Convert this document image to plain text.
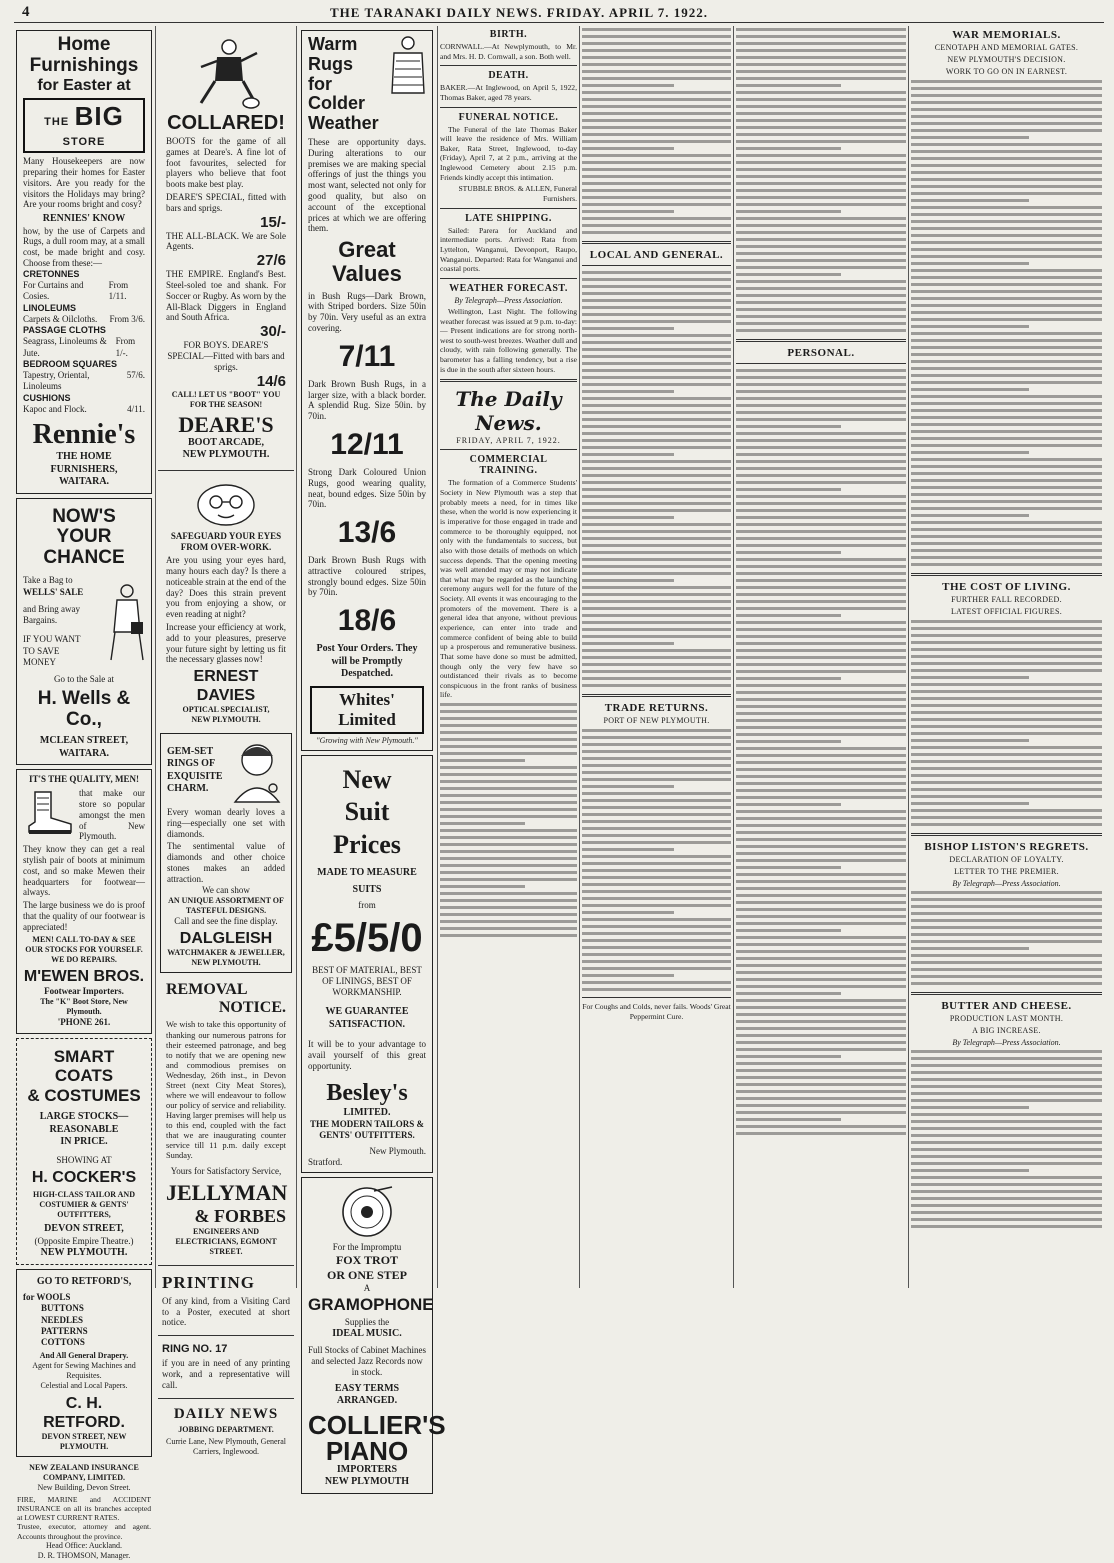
4	THE TARANAKI DAILY NEWS. FRIDAY. APRIL 7. 1922.
Home Furnishings
for Easter at
THE BIG STORE
Many Housekeepers are now preparing their homes for Easter visitors. Are you ready for the visitors the Holidays may bring? Are your rooms bright and cosy?
RENNIES' KNOW
how, by the use of Carpets and Rugs, a dull room may, at a small cost, be made bright and cosy. Choose from these:—
CRETONNES
For Curtains and Cosies.
From 1/11.
LINOLEUMS
Carpets & Oilcloths. From 3/6.
PASSAGE CLOTHS
Seagrass, Linoleums & Jute.
From 1/-.
BEDROOM SQUARES
Tapestry, Oriental, Linoleums
57/6.
CUSHIONS
Kapoc and Flock.	4/11.
Rennie's
THE HOME FURNISHERS,
WAITARA.
NOW'S YOUR
CHANCE
Take a Bag to
WELLS' SALE
and Bring away
Bargains.
IF YOU WANT
TO SAVE
MONEY
Go to the Sale at
H. Wells & Co.,
MCLEAN STREET,
WAITARA.
IT'S THE QUALITY, MEN!
that make our store so popular amongst the men of New Plymouth.
They know they can get a real stylish pair of boots at minimum cost, and so make Mewen their headquarters for footwear—always.
The large business we do is proof that the quality of our footwear is appreciated!
MEN! CALL TO-DAY & SEE OUR STOCKS FOR YOURSELF.
WE DO REPAIRS.
M'EWEN BROS.
Footwear Importers.
The "K" Boot Store, New Plymouth.
'PHONE 261.
SMART COATS
& COSTUMES
LARGE STOCKS—
REASONABLE
IN PRICE.
SHOWING AT
H. COCKER'S
HIGH-CLASS TAILOR AND COSTUMIER & GENTS' OUTFITTERS,
DEVON STREET,
(Opposite Empire Theatre.)
NEW PLYMOUTH.
GO TO RETFORD'S,
for WOOLS
BUTTONS
NEEDLES
PATTERNS
COTTONS
And All General Drapery.
Agent for Sewing Machines and Requisites.
Celestial and Local Papers.
C. H. RETFORD.
DEVON STREET, NEW PLYMOUTH.
NEW ZEALAND INSURANCE COMPANY, LIMITED.
New Building, Devon Street.
FIRE, MARINE and ACCIDENT INSURANCE on all its branches accepted at LOWEST CURRENT RATES.
Trustee, executor, attorney and agent. Accounts throughout the province.
Head Office: Auckland.
D. R. THOMSON, Manager.
COLLARED!
BOOTS for the game of all games at Deare's. A fine lot of foot favourites, selected for players who believe that foot boots make best play.
DEARE'S SPECIAL, fitted with bars and sprigs.
15/-
THE ALL-BLACK. We are Sole Agents.
27/6
THE EMPIRE. England's Best. Steel-soled toe and shank. For Soccer or Rugby. As worn by the All-Black Diggers in England and South Africa.
30/-
FOR BOYS. DEARE'S SPECIAL—Fitted with bars and sprigs.
14/6
CALL! LET US "BOOT" YOU FOR THE SEASON!
DEARE'S
BOOT ARCADE,
NEW PLYMOUTH.
SAFEGUARD YOUR EYES FROM OVER-WORK.
Are you using your eyes hard, many hours each day? Is there a noticeable strain at the end of the day? Does this strain prevent you from enjoying a show, or even reading at night?
Increase your efficiency at work, add to your pleasures, preserve your future sight by letting us fit the necessary glasses now!
ERNEST DAVIES
OPTICAL SPECIALIST,
NEW PLYMOUTH.
GEM-SET
RINGS OF
EXQUISITE
CHARM.
Every woman dearly loves a ring—especially one set with diamonds.
The sentimental value of diamonds and other choice stones makes an added attraction.
We can show
AN UNIQUE ASSORTMENT OF TASTEFUL DESIGNS.
Call and see the fine display.
DALGLEISH
WATCHMAKER & JEWELLER,
NEW PLYMOUTH.
REMOVAL
NOTICE.
We wish to take this opportunity of thanking our numerous patrons for their esteemed patronage, and beg to notify that we are opening new and commodious premises on Wednesday, 26th inst., in Devon Street (next City Meat Stores), where we will endeavour to follow our policy of service and reliability. Having larger premises will help us to this end, coupled with the fact that we are inaugurating counter service till 11 p.m. daily except Sunday.
Yours for Satisfactory Service,
JELLYMAN
& FORBES
ENGINEERS AND ELECTRICIANS, EGMONT STREET.
PRINTING
Of any kind, from a Visiting Card to a Poster, executed at short notice.
RING NO. 17
if you are in need of any printing work, and a representative will call.
DAILY NEWS
JOBBING DEPARTMENT.
Currie Lane, New Plymouth, General Carriers, Inglewood.
Warm Rugs
for Colder
Weather
These are opportunity days. During alterations to our premises we are making special offerings of just the things you most want, selected not only for good quality, but also on account of the exceptional prices at which we are offering them.
Great Values
in Bush Rugs—Dark Brown, with Striped borders. Size 50in by 70in. Very useful as an extra covering.
7/11
Dark Brown Bush Rugs, in a larger size, with a black border. A splendid Rug. Size 50in. by 70in.
12/11
Strong Dark Coloured Union Rugs, good wearing quality, neat, bound edges. Size 50in by 70in.
13/6
Dark Brown Bush Rugs with attractive coloured stripes, strongly bound edges. Size 50in by 70in.
18/6
Post Your Orders. They will be Promptly Despatched.
Whites' Limited
"Growing with New Plymouth."
New
Suit
Prices
MADE TO MEASURE
SUITS
from
£5/5/0
BEST OF MATERIAL, BEST OF LININGS, BEST OF WORKMANSHIP.
WE GUARANTEE SATISFACTION.
It will be to your advantage to avail yourself of this great opportunity.
Besley's
LIMITED.
THE MODERN TAILORS & GENTS' OUTFITTERS.
New Plymouth.
Stratford.
For the Impromptu
FOX TROT
OR ONE STEP
A
GRAMOPHONE
Supplies the
IDEAL MUSIC.
Full Stocks of Cabinet Machines and selected Jazz Records now in stock.
EASY TERMS ARRANGED.
COLLIER'S
PIANO
IMPORTERS
NEW PLYMOUTH
BIRTH.
CORNWALL.—At Newplymouth, to Mr. and Mrs. H. D. Cornwall, a son. Both well.
DEATH.
BAKER.—At Inglewood, on April 5, 1922, Thomas Baker, aged 78 years.
FUNERAL NOTICE.
The Funeral of the late Thomas Baker will leave the residence of Mrs. William Baker, Rata Street, Inglewood, to-day (Friday), April 7, at 2 p.m., arriving at the Inglewood Cemetery about 2.15 p.m. Friends kindly accept this intimation.
STUBBLE BROS. & ALLEN, Funeral Furnishers.
LATE SHIPPING.
Sailed: Parera for Auckland and intermediate ports. Arrived: Rata from Lyttelton, Wanganui, Devonport, Raupo, Wanganui. Departed: Rata for Wanganui and coastal ports.
WEATHER FORECAST.
By Telegraph—Press Association.
Wellington, Last Night. The following weather forecast was issued at 9 p.m. to-day:— Present indications are for strong north-west to south-west breezes. Weather dull and cloudy, with rain following generally. The barometer has a falling tendency, but a rise is due in the south after sixteen hours.
The Daily News.
FRIDAY, APRIL 7, 1922.
COMMERCIAL TRAINING.
The formation of a Commerce Students' Society in New Plymouth was a step that probably meets a need, for in times like these, when the world is now experiencing it is imperative for those engaged in trade and commerce to be thoroughly equipped, not only with the fundamentals to success, but also with those details of methods on which success depends. That the opening meeting was well attended may or may not indicate that what may be regarded as the launching ceremony augurs well for the future of the Society. All events it was encouraging to the promoters of the movement. There is a general idea that anyone, without previous experience, can enter into trade and commerce confident of being able to build up a prosperous and remunerative business. That some have done so must be admitted, though only the very few have so outdistanced their rivals as to become conspicuous in the front ranks of business life.
LOCAL AND GENERAL.
TRADE RETURNS.
PORT OF NEW PLYMOUTH.
For Coughs and Colds, never fails. Woods' Great Peppermint Cure.
PERSONAL.
WAR MEMORIALS.
CENOTAPH AND MEMORIAL GATES.
NEW PLYMOUTH'S DECISION.
WORK TO GO ON IN EARNEST.
THE COST OF LIVING.
FURTHER FALL RECORDED.
LATEST OFFICIAL FIGURES.
BISHOP LISTON'S REGRETS.
DECLARATION OF LOYALTY.
LETTER TO THE PREMIER.
By Telegraph—Press Association.
BUTTER AND CHEESE.
PRODUCTION LAST MONTH.
A BIG INCREASE.
By Telegraph—Press Association.
